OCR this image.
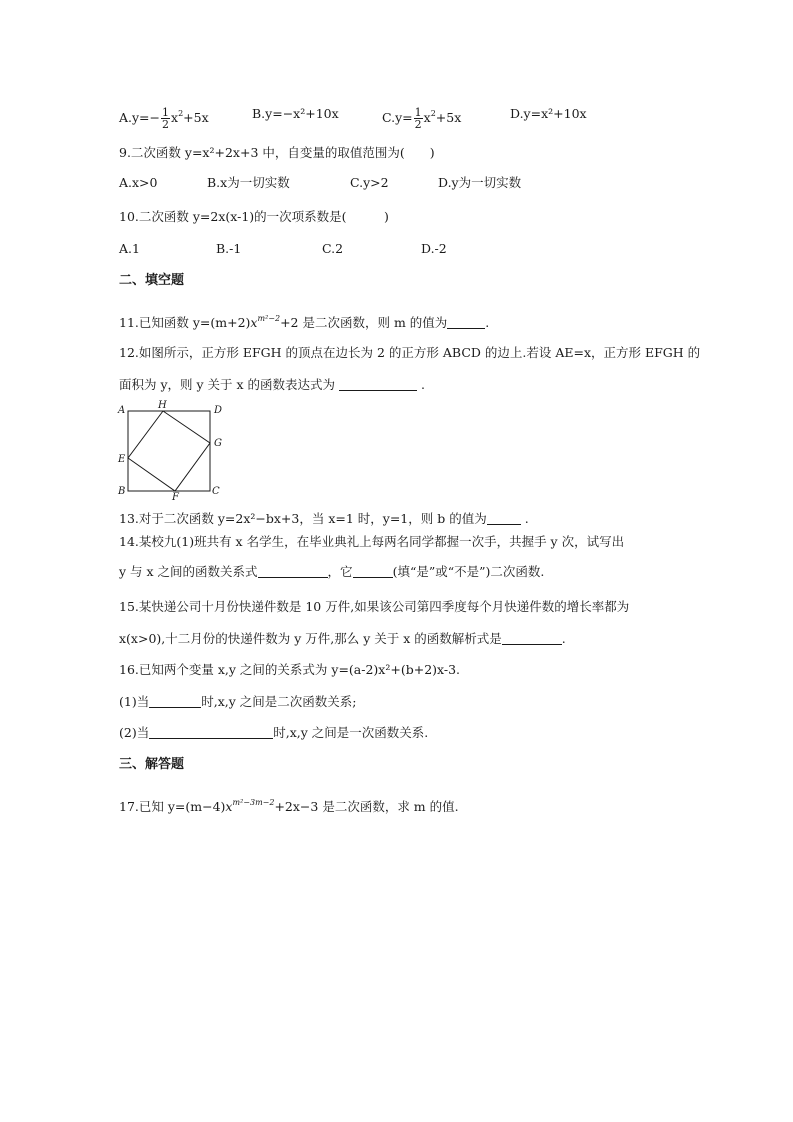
$A.y=- \frac{1}{2} x^2+5x$	B.y=−x²+10x	$C.y= \frac{1}{2} x^2+5x$	D.y=x²+10x
9.二次函数 y=x²+2x+3 中，自变量的取值范围为(　　)
A.x>0	B.x为一切实数	C.y>2	D.y为一切实数
10.二次函数 y=2x(x-1)的一次项系数是(　　　)
A.1	B.-1	C.2	D.-2
二、填空题
11.已知函数 $y=(m+2)x^{m^2-2}+2$ 是二次函数，则 m 的值为	.
12.如图所示，正方形 EFGH 的顶点在边长为 2 的正方形 ABCD 的边上.若设 AE=x，正方形 EFGH 的
面积为 y，则 y 关于 x 的函数表达式为	.
A	H	D
G
E
B
F
C
13.对于二次函数 y=2x²−bx+3，当 x=1 时，y=1，则 b 的值为	.
14.某校九(1)班共有 x 名学生，在毕业典礼上每两名同学都握一次手，共握手 y 次，试写出
y 与 x 之间的函数关系式	，它	(填“是”或“不是”)二次函数.
15.某快递公司十月份快递件数是 10 万件,如果该公司第四季度每个月快递件数的增长率都为
x(x>0),十二月份的快递件数为 y 万件,那么 y 关于 x 的函数解析式是	.
16.已知两个变量 x,y 之间的关系式为 y=(a-2)x²+(b+2)x-3.
(1)当	时,x,y 之间是二次函数关系;
(2)当	时,x,y 之间是一次函数关系.
三、解答题
17.已知 $y=(m-4)x^{m^2-3m-2}+2x-3$ 是二次函数，求 m 的值.
